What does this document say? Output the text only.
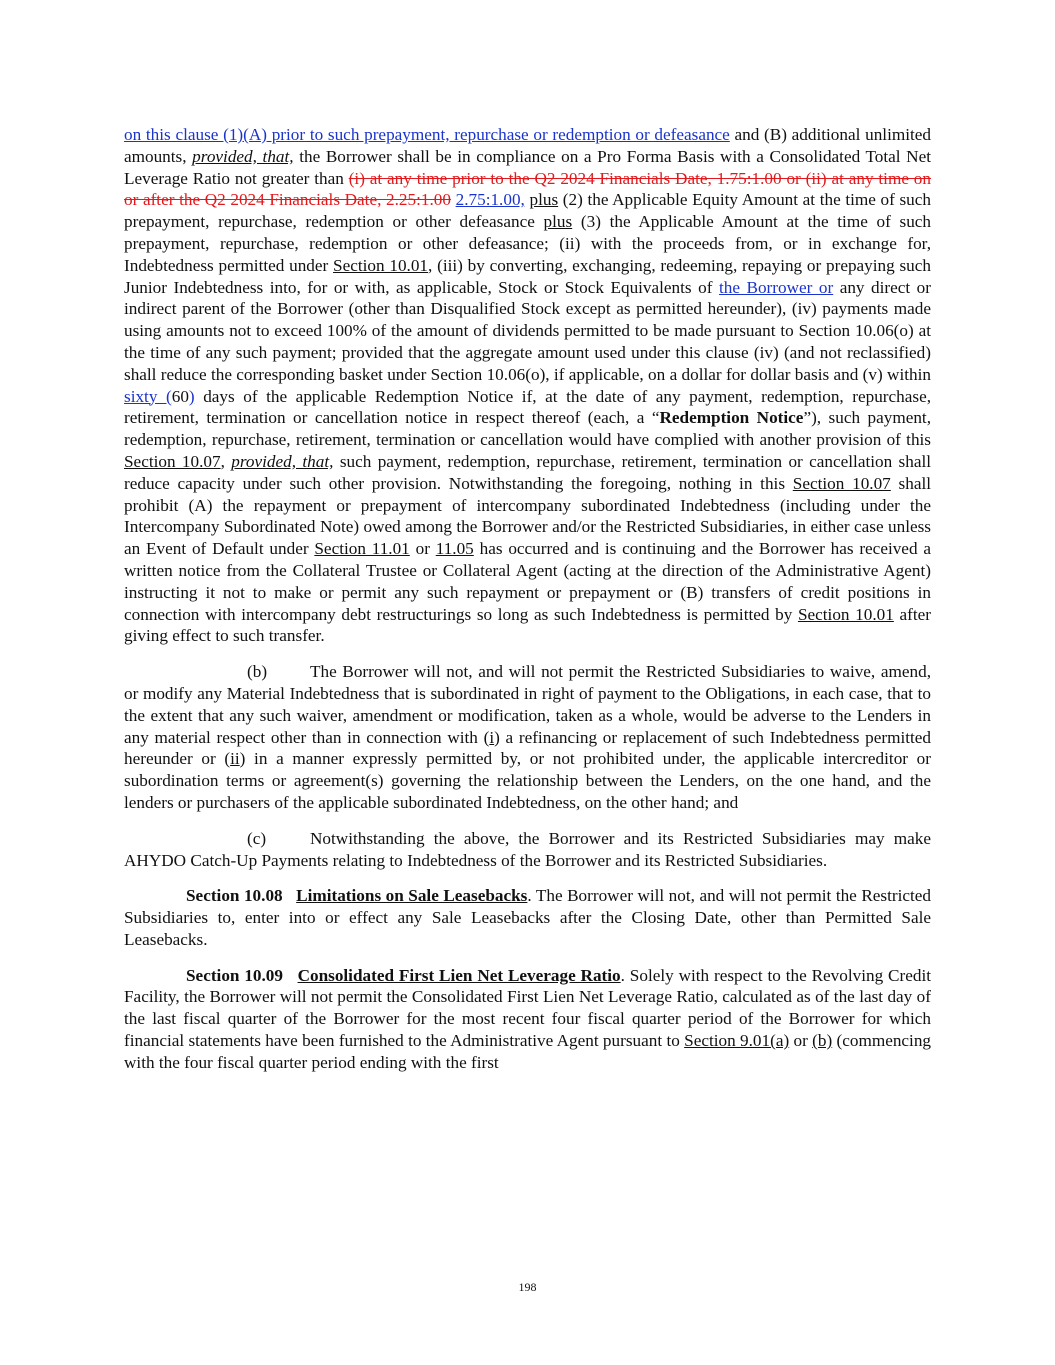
on this clause (1)(A) prior to such prepayment, repurchase or redemption or defeasance and (B) additional unlimited amounts, provided, that, the Borrower shall be in compliance on a Pro Forma Basis with a Consolidated Total Net Leverage Ratio not greater than (i) at any time prior to the Q2 2024 Financials Date, 1.75:1.00 or (ii) at any time on or after the Q2 2024 Financials Date, 2.25:1.00 2.75:1.00, plus (2) the Applicable Equity Amount at the time of such prepayment, repurchase, redemption or other defeasance plus (3) the Applicable Amount at the time of such prepayment, repurchase, redemption or other defeasance; (ii) with the proceeds from, or in exchange for, Indebtedness permitted under Section 10.01, (iii) by converting, exchanging, redeeming, repaying or prepaying such Junior Indebtedness into, for or with, as applicable, Stock or Stock Equivalents of the Borrower or any direct or indirect parent of the Borrower (other than Disqualified Stock except as permitted hereunder), (iv) payments made using amounts not to exceed 100% of the amount of dividends permitted to be made pursuant to Section 10.06(o) at the time of any such payment; provided that the aggregate amount used under this clause (iv) (and not reclassified) shall reduce the corresponding basket under Section 10.06(o), if applicable, on a dollar for dollar basis and (v) within sixty (60) days of the applicable Redemption Notice if, at the date of any payment, redemption, repurchase, retirement, termination or cancellation notice in respect thereof (each, a “Redemption Notice”), such payment, redemption, repurchase, retirement, termination or cancellation would have complied with another provision of this Section 10.07, provided, that, such payment, redemption, repurchase, retirement, termination or cancellation shall reduce capacity under such other provision. Notwithstanding the foregoing, nothing in this Section 10.07 shall prohibit (A) the repayment or prepayment of intercompany subordinated Indebtedness (including under the Intercompany Subordinated Note) owed among the Borrower and/or the Restricted Subsidiaries, in either case unless an Event of Default under Section 11.01 or 11.05 has occurred and is continuing and the Borrower has received a written notice from the Collateral Trustee or Collateral Agent (acting at the direction of the Administrative Agent) instructing it not to make or permit any such repayment or prepayment or (B) transfers of credit positions in connection with intercompany debt restructurings so long as such Indebtedness is permitted by Section 10.01 after giving effect to such transfer.

(b) The Borrower will not, and will not permit the Restricted Subsidiaries to waive, amend, or modify any Material Indebtedness that is subordinated in right of payment to the Obligations, in each case, that to the extent that any such waiver, amendment or modification, taken as a whole, would be adverse to the Lenders in any material respect other than in connection with (i) a refinancing or replacement of such Indebtedness permitted hereunder or (ii) in a manner expressly permitted by, or not prohibited under, the applicable intercreditor or subordination terms or agreement(s) governing the relationship between the Lenders, on the one hand, and the lenders or purchasers of the applicable subordinated Indebtedness, on the other hand; and

(c)	Notwithstanding the above, the Borrower and its Restricted Subsidiaries may make AHYDO Catch-Up Payments relating to Indebtedness of the Borrower and its Restricted Subsidiaries.

Section 10.08 Limitations on Sale Leasebacks. The Borrower will not, and will not permit the Restricted Subsidiaries to, enter into or effect any Sale Leasebacks after the Closing Date, other than Permitted Sale Leasebacks.

Section 10.09 Consolidated First Lien Net Leverage Ratio. Solely with respect to the Revolving Credit Facility, the Borrower will not permit the Consolidated First Lien Net Leverage Ratio, calculated as of the last day of the last fiscal quarter of the Borrower for the most recent four fiscal quarter period of the Borrower for which financial statements have been furnished to the Administrative Agent pursuant to Section 9.01(a) or (b) (commencing with the four fiscal quarter period ending with the first

198
